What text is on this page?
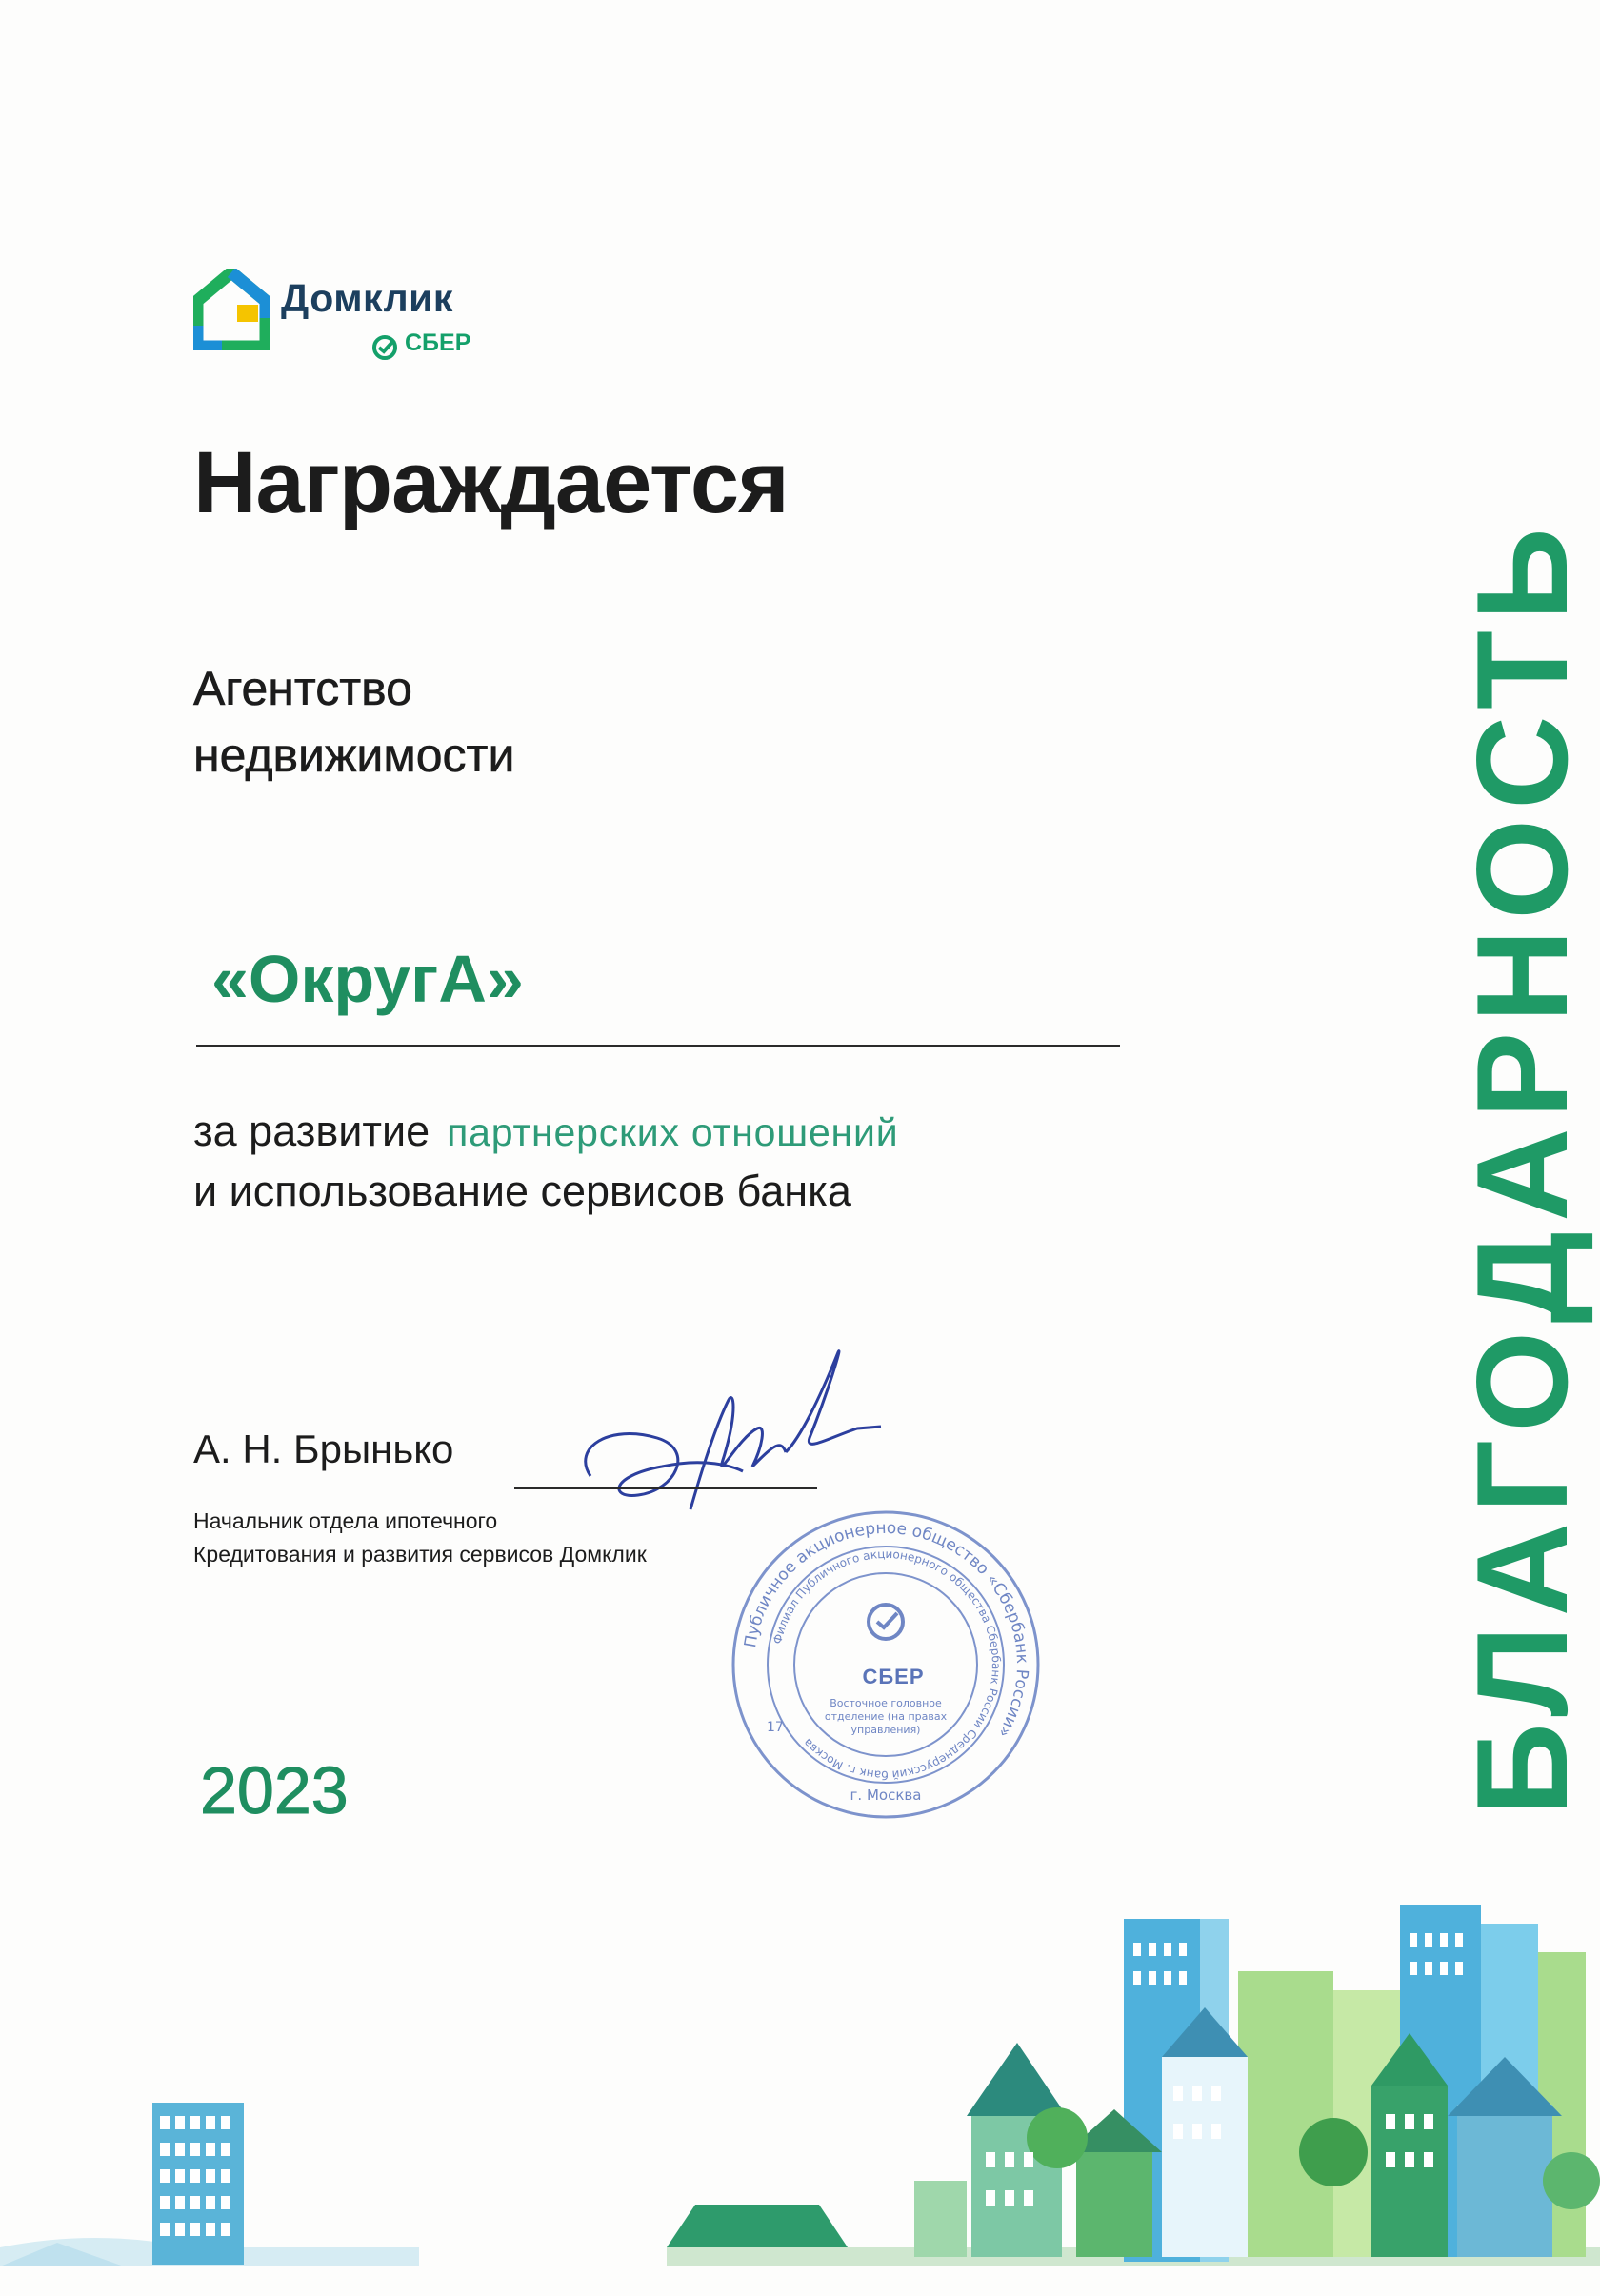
Домклик
СБЕР
Награждается
Агентство
недвижимости
«ОкругА»
за развитие партнерских отношений
и использование сервисов банка
А. Н. Брынько
Начальник отдела ипотечного
Кредитования и развития сервисов Домклик
Публичное акционерное общество «Сбербанк России»
Филиал Публичного акционерного общества Сбербанк России Среднерусский банк г. Москва
г. Москва
17
Восточное головное
отделение (на правах
управления)
СБЕР
2023	БЛАГОДАРНОСТЬ
